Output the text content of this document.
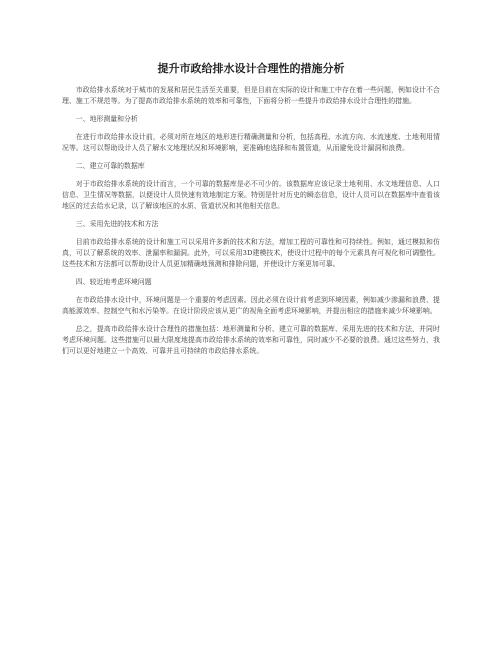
提升市政给排水设计合理性的措施分析

市政给排水系统对于城市的发展和居民生活至关重要，但是目前在实际的设计和施工中存在着一些问题，例如设计不合理、施工不规范等。为了提高市政给排水系统的效率和可靠性，下面将分析一些提升市政给排水设计合理性的措施。

一、地形测量和分析

在进行市政给排水设计前，必须对所在地区的地形进行精确测量和分析，包括高程、水流方向、水流速度、土地利用情况等。这可以帮助设计人员了解水文地理状况和环境影响，更准确地选择和布置管道，从而避免设计漏洞和浪费。

二、建立可靠的数据库

对于市政给排水系统的设计而言，一个可靠的数据库是必不可少的。该数据库应该记录土地利用、水文地理信息、人口信息、卫生情况等数据，以便设计人员快速有效地制定方案。特别是针对历史的瞬态信息，设计人员可以在数据库中查看该地区的过去给水记录，以了解该地区的水质、管道状况和其他相关信息。

三、采用先进的技术和方法

目前市政给排水系统的设计和施工可以采用许多新的技术和方法，增加工程的可靠性和可持续性。例如，通过模拟和仿真，可以了解系统的效率、泄漏率和漏洞。此外，可以采用3D建模技术，使设计过程中的每个元素具有可视化和可调整性。这些技术和方法都可以帮助设计人员更加精确地预测和排除问题，并使设计方案更加可靠。

四、较近地考虑环境问题

在市政给排水设计中，环境问题是一个重要的考虑因素。因此必须在设计前考虑到环境因素，例如减少渗漏和浪费、提高能源效率、控制空气和水污染等。在设计阶段应该从更广的视角全面考虑环境影响，并提出相应的措施来减少环境影响。

总之，提高市政给排水设计合理性的措施包括：地形测量和分析、建立可靠的数据库、采用先进的技术和方法，并同时考虑环境问题。这些措施可以最大限度地提高市政给排水系统的效率和可靠性，同时减少不必要的浪费。通过这些努力，我们可以更好地建立一个高效、可靠并且可持续的市政给排水系统。
